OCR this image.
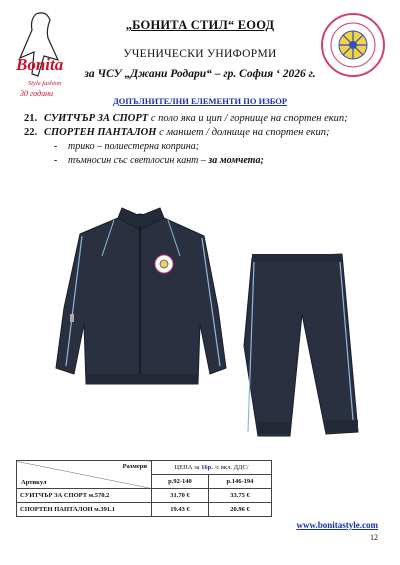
Bonita
Style fashion
30 години
„БОНИТА СТИЛ“ ЕООД
УЧЕНИЧЕСКИ УНИФОРМИ
за ЧСУ „Джани Родари“ – гр. София ‘ 2026 г.
ДОПЪЛНИТЕЛНИ ЕЛЕМЕНТИ ПО ИЗБОР
21. СУИТЧЪР ЗА СПОРТ с поло яка и цип / горнище на спортен екип;
22. СПОРТЕН ПАНТАЛОН с маншет / долнище на спортен екип;
- трико – полиестерна коприна;
- тъмносин със светлосин кант – за момчета;
Размери
Артикул	ЦЕНА за 16р. /с вкл. ДДС/	
	р.92-140	р.146-194
СУИТЧЪР ЗА СПОРТ м.570.2	31.70 €	33.75 €
СПОРТЕН ПАНТАЛОН м.391.1	19.43 €	20.96 €
www.bonitastyle.com
12
